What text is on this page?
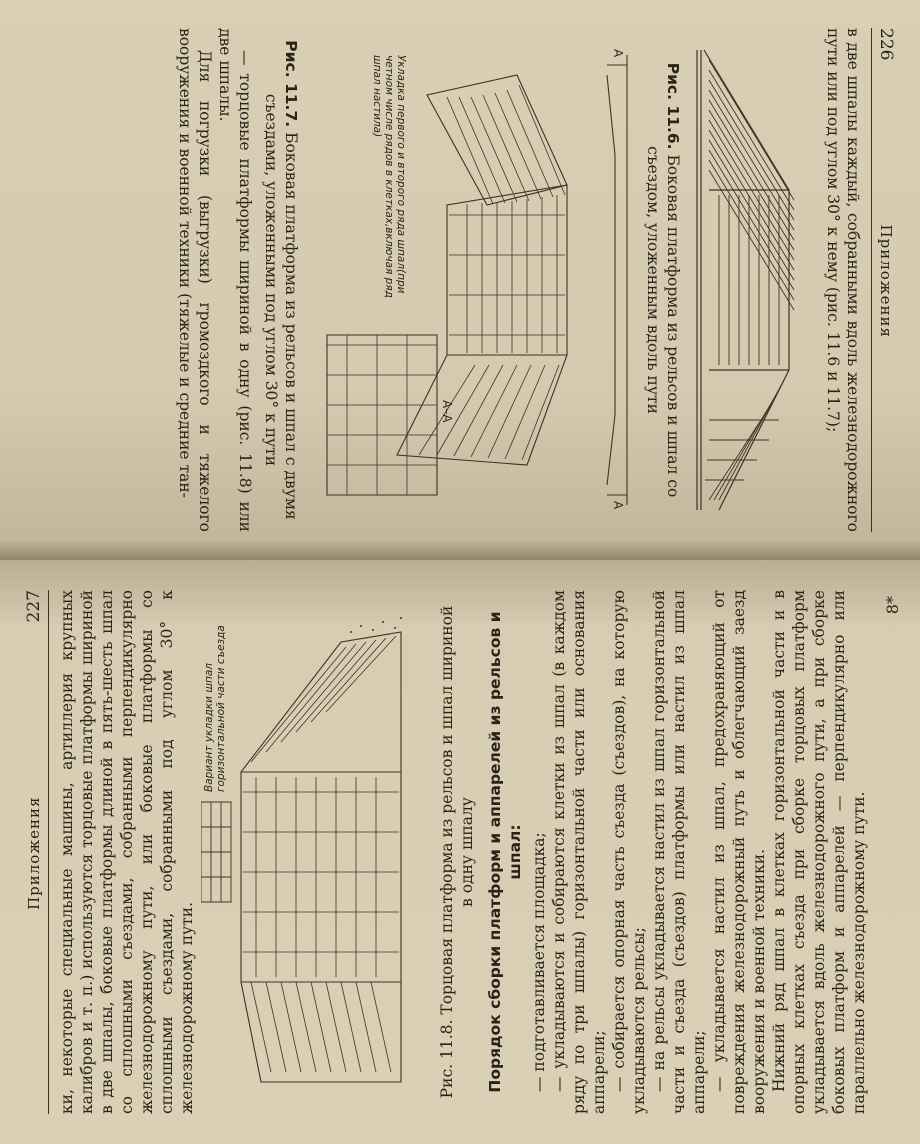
226
Приложения

в две шпалы каждый, собранными вдоль железнодорожного пути или под углом 30° к нему (рис. 11.6 и 11.7);

Рис. 11.6. Боковая платформа из рельсов и шпал со съездом, уложенным вдоль пути
А
А
А–А
Укладка первого и второго ряда шпал(при четном числе рядов в клетках,включая ряд шпал настила)
Рис. 11.7. Боковая платформа из рельсов и шпал с двумя съездами, уложенными под углом 30° к пути

— торцовые платформы шириной в одну (рис. 11.8) или две шпалы.

Для погрузки (выгрузки) громоздкого и тяжелого вооружения и военной техники (тяжелые и средние тан-

Приложения
227 ки, некоторые специальные машины, артиллерия крупных калибров и т. п.) используются торцовые платформы шириной в две шпалы, боковые платформы длиной в пять-шесть шпал со сплошными съездами, собранными перпендикулярно железнодорожному пути, или боковые платформы со сплошными съездами, собранными под углом 30° к железнодорожному пути.

Вариант укладки шпал горизонтальной части съезда
Рис. 11.8. Торцовая платформа из рельсов и шпал шириной в одну шпалу Порядок сборки платформ и аппарелей из рельсов и шпал: — подготавливается площадка; — укладываются и собираются клетки из шпал (в каждом ряду по три шпалы) горизонтальной части или основания аппарели; — собирается опорная часть съезда (съездов), на которую укладываются рельсы; — на рельсы укладывается настил из шпал горизонтальной части и съезда (съездов) платформы или настил из шпал аппарели; — укладывается настил из шпал, предохраняющий от повреждения железнодорожный путь и облегчающий заезд вооружения и военной техники. Нижний ряд шпал в клетках горизонтальной части и в опорных клетках съезда при сборке торцовых платформ укладывается вдоль железнодорожного пути, а при сборке боковых платформ и аппарелей — перпендикулярно или параллельно железнодорожному пути.

8*
